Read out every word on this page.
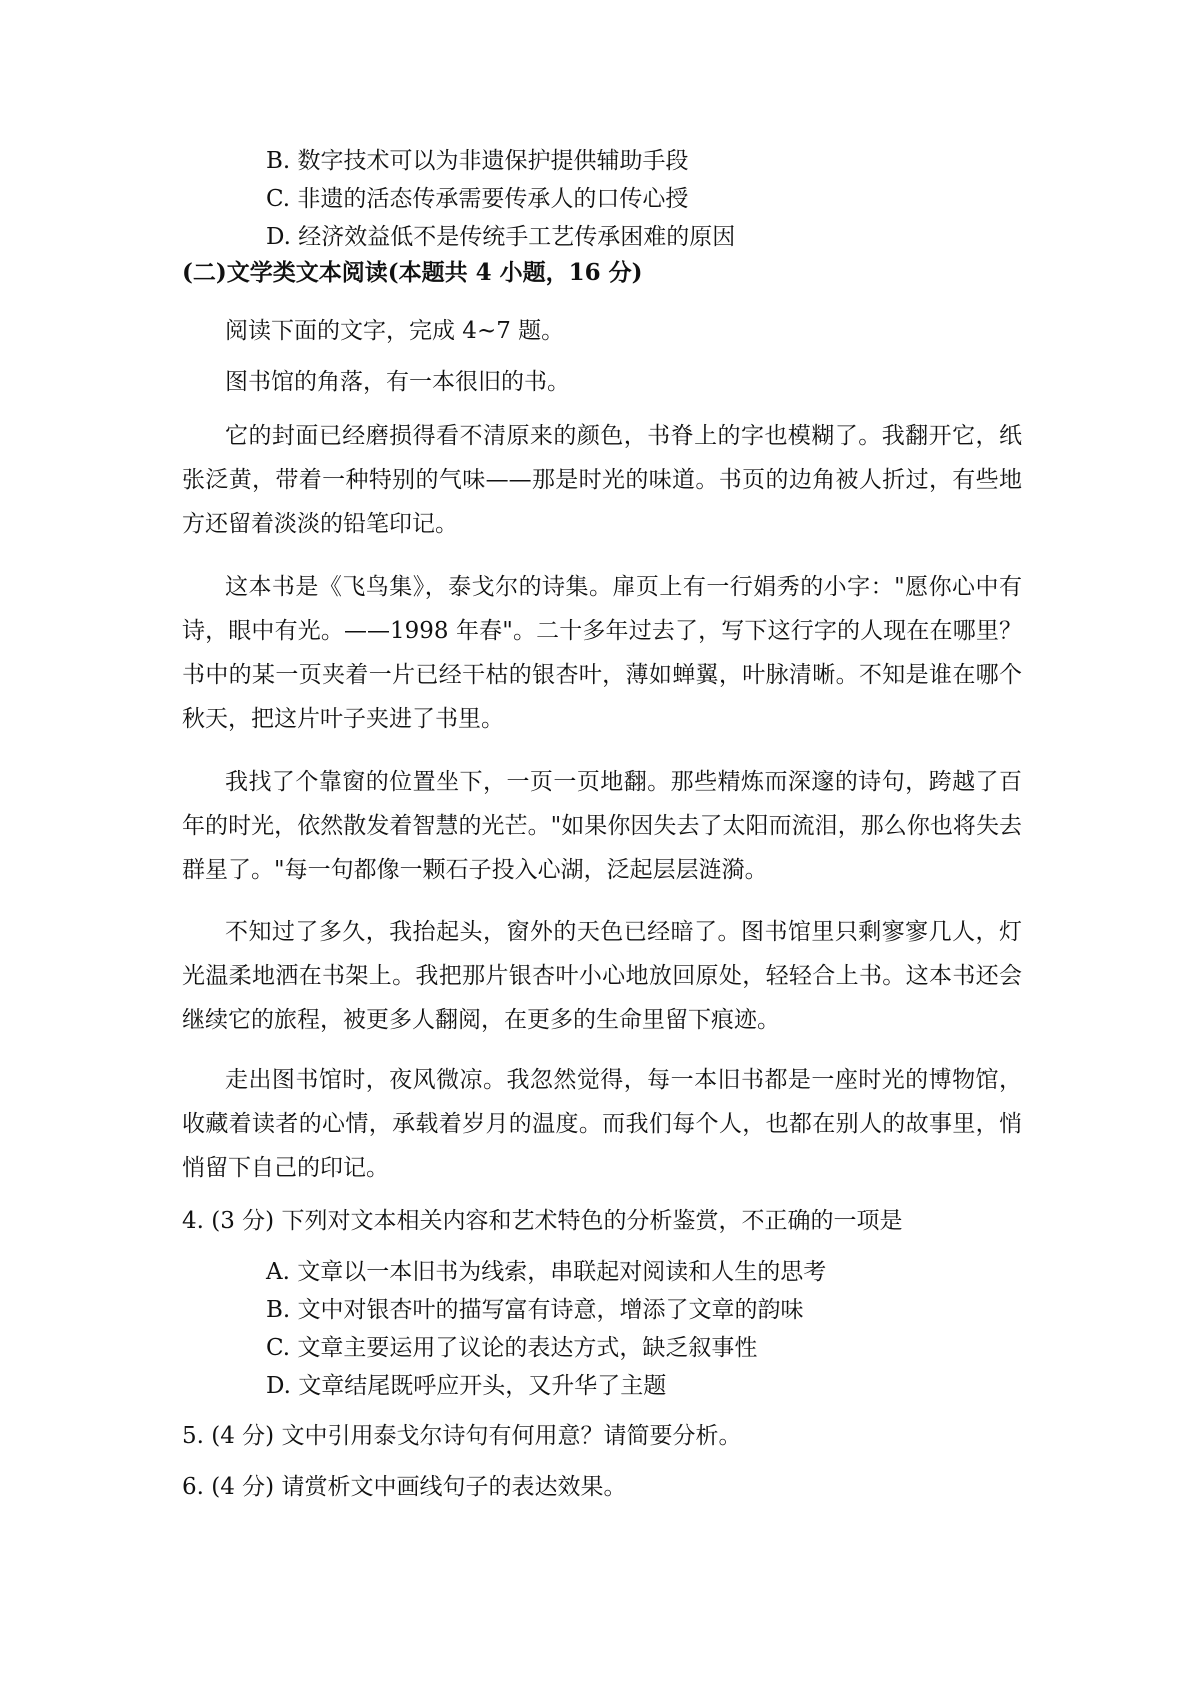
B. 数字技术可以为非遗保护提供辅助手段
C. 非遗的活态传承需要传承人的口传心授
D. 经济效益低不是传统手工艺传承困难的原因
(二)文学类文本阅读(本题共 4 小题，16 分)
阅读下面的文字，完成 4~7 题。
图书馆的角落，有一本很旧的书。
它的封面已经磨损得看不清原来的颜色，书脊上的字也模糊了。我翻开它，纸张泛黄，带着一种特别的气味——那是时光的味道。书页的边角被人折过，有些地方还留着淡淡的铅笔印记。
这本书是《飞鸟集》，泰戈尔的诗集。扉页上有一行娟秀的小字："愿你心中有诗，眼中有光。——1998 年春"。二十多年过去了，写下这行字的人现在在哪里？书中的某一页夹着一片已经干枯的银杏叶，薄如蝉翼，叶脉清晰。不知是谁在哪个秋天，把这片叶子夹进了书里。
我找了个靠窗的位置坐下，一页一页地翻。那些精炼而深邃的诗句，跨越了百年的时光，依然散发着智慧的光芒。"如果你因失去了太阳而流泪，那么你也将失去群星了。"每一句都像一颗石子投入心湖，泛起层层涟漪。
不知过了多久，我抬起头，窗外的天色已经暗了。图书馆里只剩寥寥几人，灯光温柔地洒在书架上。我把那片银杏叶小心地放回原处，轻轻合上书。这本书还会继续它的旅程，被更多人翻阅，在更多的生命里留下痕迹。
走出图书馆时，夜风微凉。我忽然觉得，每一本旧书都是一座时光的博物馆，收藏着读者的心情，承载着岁月的温度。而我们每个人，也都在别人的故事里，悄悄留下自己的印记。
4. (3 分) 下列对文本相关内容和艺术特色的分析鉴赏，不正确的一项是
A. 文章以一本旧书为线索，串联起对阅读和人生的思考
B. 文中对银杏叶的描写富有诗意，增添了文章的韵味
C. 文章主要运用了议论的表达方式，缺乏叙事性
D. 文章结尾既呼应开头，又升华了主题
5. (4 分) 文中引用泰戈尔诗句有何用意？请简要分析。
6. (4 分) 请赏析文中画线句子的表达效果。
